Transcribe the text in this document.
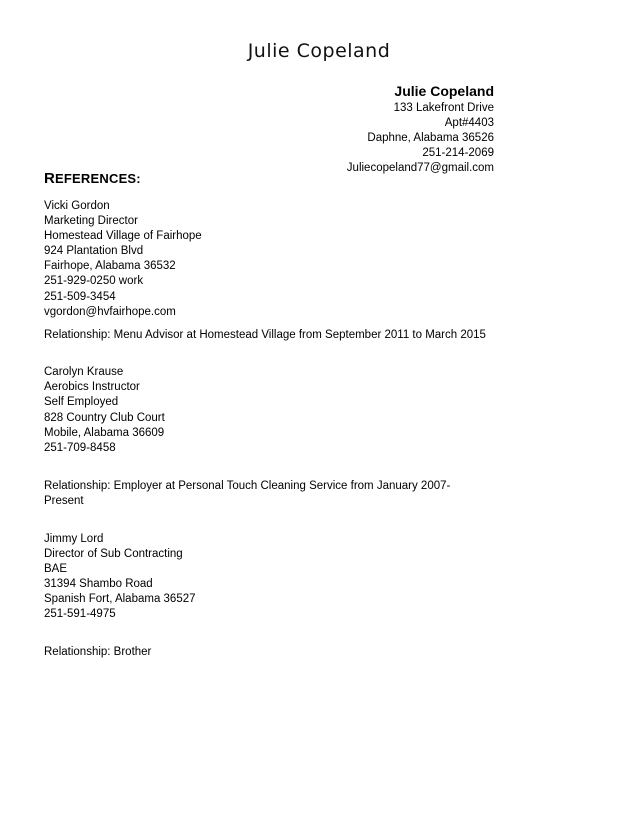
Julie Copeland
Julie Copeland
133 Lakefront Drive
Apt#4403
Daphne, Alabama 36526
251-214-2069
Juliecopeland77@gmail.com
REFERENCES:
Vicki Gordon
Marketing Director
Homestead Village of Fairhope
924 Plantation Blvd
Fairhope, Alabama 36532
251-929-0250 work
251-509-3454
vgordon@hvfairhope.com
Relationship: Menu Advisor at Homestead Village from September 2011 to March 2015
Carolyn Krause
Aerobics Instructor
Self Employed
828 Country Club Court
Mobile, Alabama 36609
251-709-8458
Relationship: Employer at Personal Touch Cleaning Service from January 2007-Present
Jimmy Lord
Director of Sub Contracting
BAE
31394 Shambo Road
Spanish Fort, Alabama 36527
251-591-4975
Relationship: Brother
